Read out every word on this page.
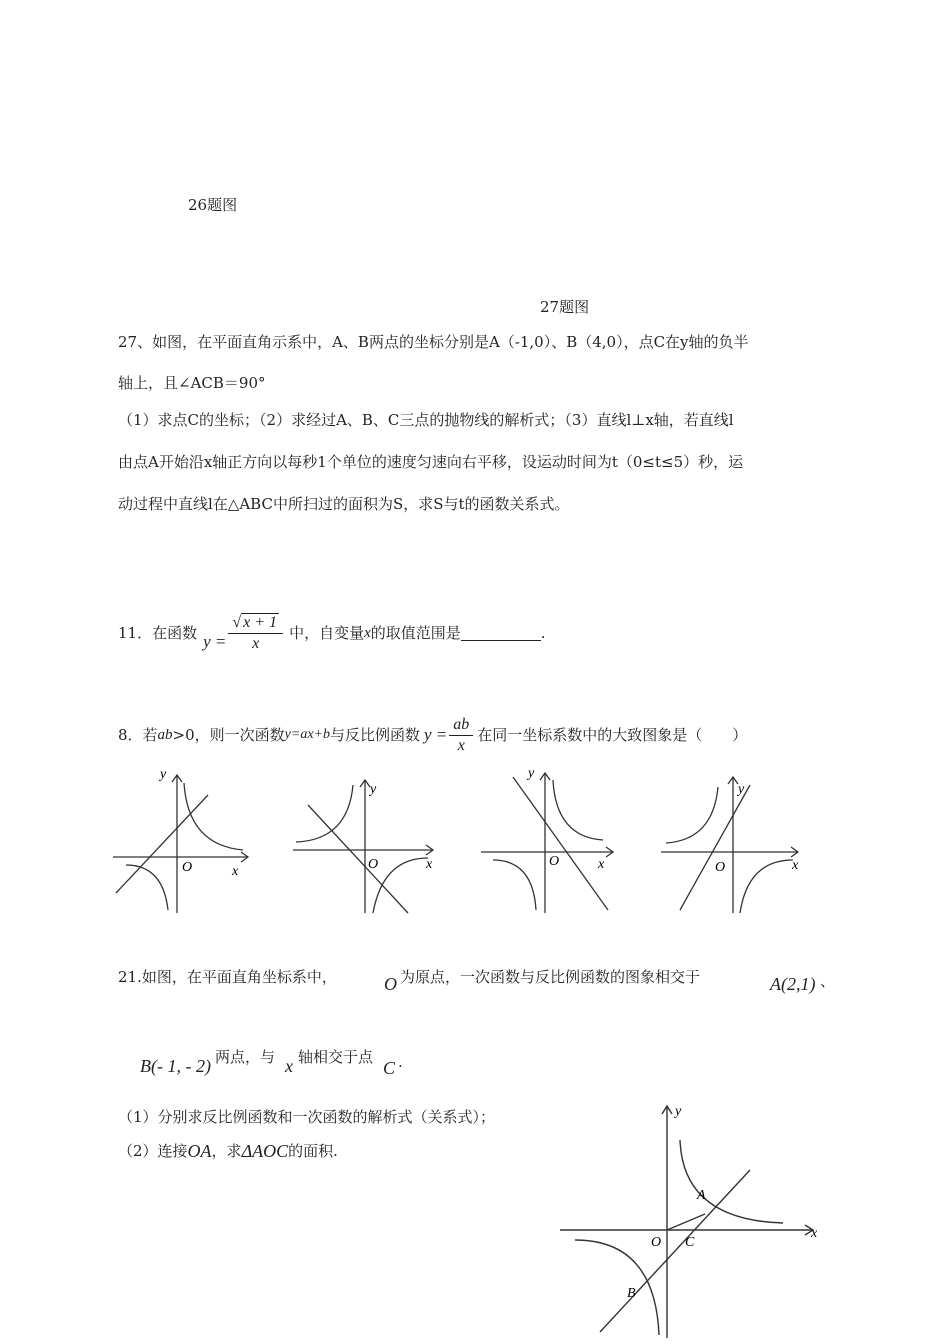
26题图
27题图
27、如图，在平面直角示系中，A、B两点的坐标分别是A（-1,0）、B（4,0），点C在y轴的负半
轴上，且∠ACB＝90°
（1）求点C的坐标；（2）求经过A、B、C三点的抛物线的解析式；（3）直线l⊥x轴，若直线l
由点A开始沿x轴正方向以每秒1个单位的速度匀速向右平移，设运动时间为t（0≤t≤5）秒，运
动过程中直线l在△ABC中所扫过的面积为S，求S与t的函数关系式。
11．在函数 $y = \frac{√ x + 1}{x}$ 中，自变量 x 的取值范围是	.
8．若 ab >0，则一次函数 y=ax+b 与反比例函数 $y = \frac{ab}{x}$ 在同一坐标系数中的大致图象是（　　）
y
x
O
y
x
O
y
x
O
y
x
O
21.如图，在平面直角坐标系中，	O 为原点，一次函数与反比例函数的图象相交于	A(2,1) 、
B(- 1, - 2) 两点，与 x 轴相交于点
C .
（1）分别求反比例函数和一次函数的解析式（关系式）；
（2）连接 OA ，求 ΔAOC 的面积.
y
x
O
A
C
B
